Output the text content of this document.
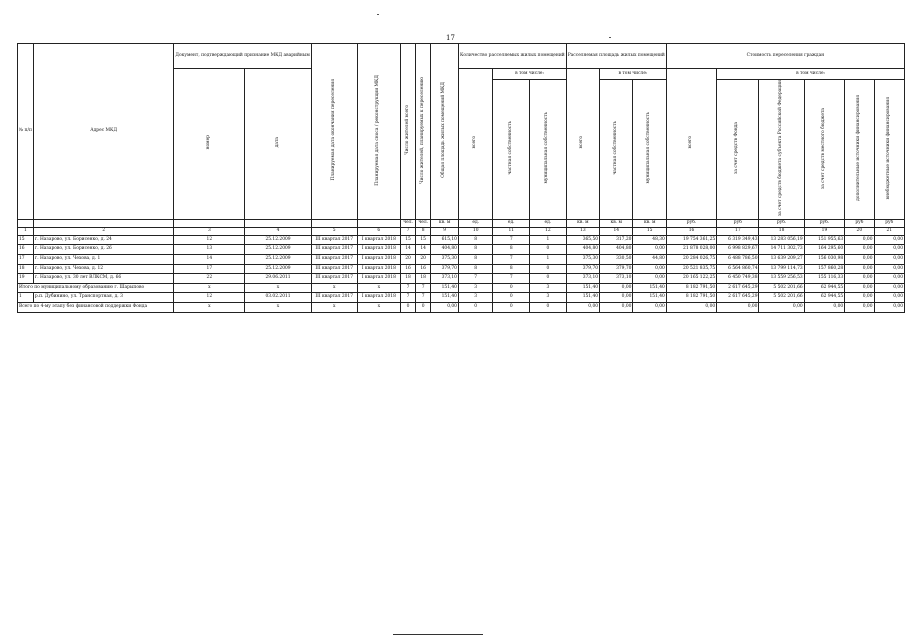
17
№ п/п	Адрес МКД	Документ, подтверждающий признание МКД аварийным		Планируемая дата окончания переселения	Планируемая дата сноса / реконструкции МКД	Число жителей всего	Число жителей, планируемых к переселению	Общая площадь жилых помещений МКД	Количество расселяемых жилых помещений			Расселяемая площадь жилых помещений			Стоимость переселения граждан					
		номер	дата						всего	в том числе:		всего	в том числе:		всего	в том числе:				
										частная собственность	муниципальная собственность		частная собственность	муниципальная собственность		за счет средств Фонда	за счет средств бюджета субъекта Российской Федерации	за счет средств местного бюджета	дополнительные источники финансирования	внебюджетные источники финансирования
						чел.	чел.	кв. м	ед.	ед.	ед.	кв. м	кв. м	кв. м	руб.	руб	руб.	руб.	руб	руб
1	2	3	4	5	6	7	8	9	10	11	12	13	14	15	16	17	18	19	20	21
15	г. Назарово, ул. Борисенко, д. 24	12	25.12.2009	III квартал 2017	I квартал 2018	15	15	615,10	8	7	1	365,50	317,20	48,30	19 754 361,25	6 319 349,43	13 283 056,19	151 955,63	0,00	0,00
16	г. Назарово, ул. Борисенко, д. 26	13	25.12.2009	III квартал 2017	I квартал 2018	14	14	404,80	8	8	0	404,80	404,80	0,00	21 878 028,00	6 998 829,67	14 711 302,73	164 295,60	0,00	0,00
17	г. Назарово, ул. Чехова, д. 1	14	25.12.2009	III квартал 2017	I квартал 2018	20	20	375,30	8	7	1	375,30	330,50	44,80	20 284 026,75	6 488 786,50	13 639 209,27	156 030,98	0,00	0,00
18	г. Назарово, ул. Чехова, д. 12	17	25.12.2009	III квартал 2017	I квартал 2018	16	16	379,70	8	8	0	379,70	379,70	0,00	20 521 835,75	6 564 860,74	13 799 114,73	157 860,28	0,00	0,00
19	г. Назарово, ул. 30 лет ВЛКСМ, д. 66	22	29.06.2011	III квартал 2017	I квартал 2018	18	18	373,10	7	7	0	373,10	373,10	0,00	20 165 122,25	6 450 749,38	13 559 256,53	155 116,33	0,00	0,00
Итого по муниципальному образованию г. Шарыпово		х	х	х	х	7	7	151,40	3	0	3	151,40	0,00	151,40	8 182 791,50	2 617 645,29	5 502 201,66	62 944,55	0,00	0,00
1	р.п. Дубинино, ул. Транспортная, д. 3	12	03.02.2011	III квартал 2017	I квартал 2018	7	7	151,40	3	0	3	151,40	0,00	151,40	8 182 791,50	2 617 645,29	5 502 201,66	62 944,55	0,00	0,00
Всего по 4-му этапу без финансовой поддержки Фонда		х	х	х	х	0	0	0,00	0	0	0	0,00	0,00	0,00	0,00	0,00	0,00	0,00	0,00	0,00
